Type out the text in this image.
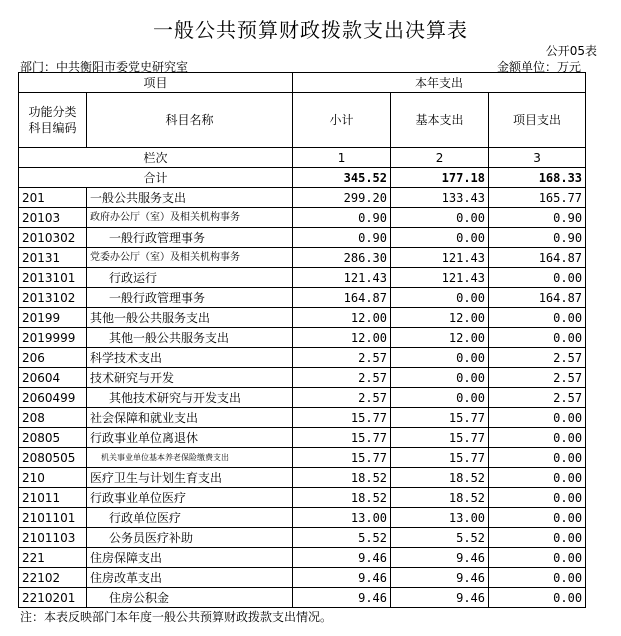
一般公共预算财政拨款支出决算表
公开05表
部门：中共衡阳市委党史研究室	金额单位：万元
项目		本年支出		
功能分类
科目编码	科目名称	小计	基本支出	项目支出
栏次		1	2	3
合计		345.52	177.18	168.33
201	一般公共服务支出	299.20	133.43	165.77
20103	政府办公厅（室）及相关机构事务	0.90	0.00	0.90
2010302	一般行政管理事务	0.90	0.00	0.90
20131	党委办公厅（室）及相关机构事务	286.30	121.43	164.87
2013101	行政运行	121.43	121.43	0.00
2013102	一般行政管理事务	164.87	0.00	164.87
20199	其他一般公共服务支出	12.00	12.00	0.00
2019999	其他一般公共服务支出	12.00	12.00	0.00
206	科学技术支出	2.57	0.00	2.57
20604	技术研究与开发	2.57	0.00	2.57
2060499	其他技术研究与开发支出	2.57	0.00	2.57
208	社会保障和就业支出	15.77	15.77	0.00
20805	行政事业单位离退休	15.77	15.77	0.00
2080505	机关事业单位基本养老保险缴费支出	15.77	15.77	0.00
210	医疗卫生与计划生育支出	18.52	18.52	0.00
21011	行政事业单位医疗	18.52	18.52	0.00
2101101	行政单位医疗	13.00	13.00	0.00
2101103	公务员医疗补助	5.52	5.52	0.00
221	住房保障支出	9.46	9.46	0.00
22102	住房改革支出	9.46	9.46	0.00
2210201	住房公积金	9.46	9.46	0.00
注：本表反映部门本年度一般公共预算财政拨款支出情况。
